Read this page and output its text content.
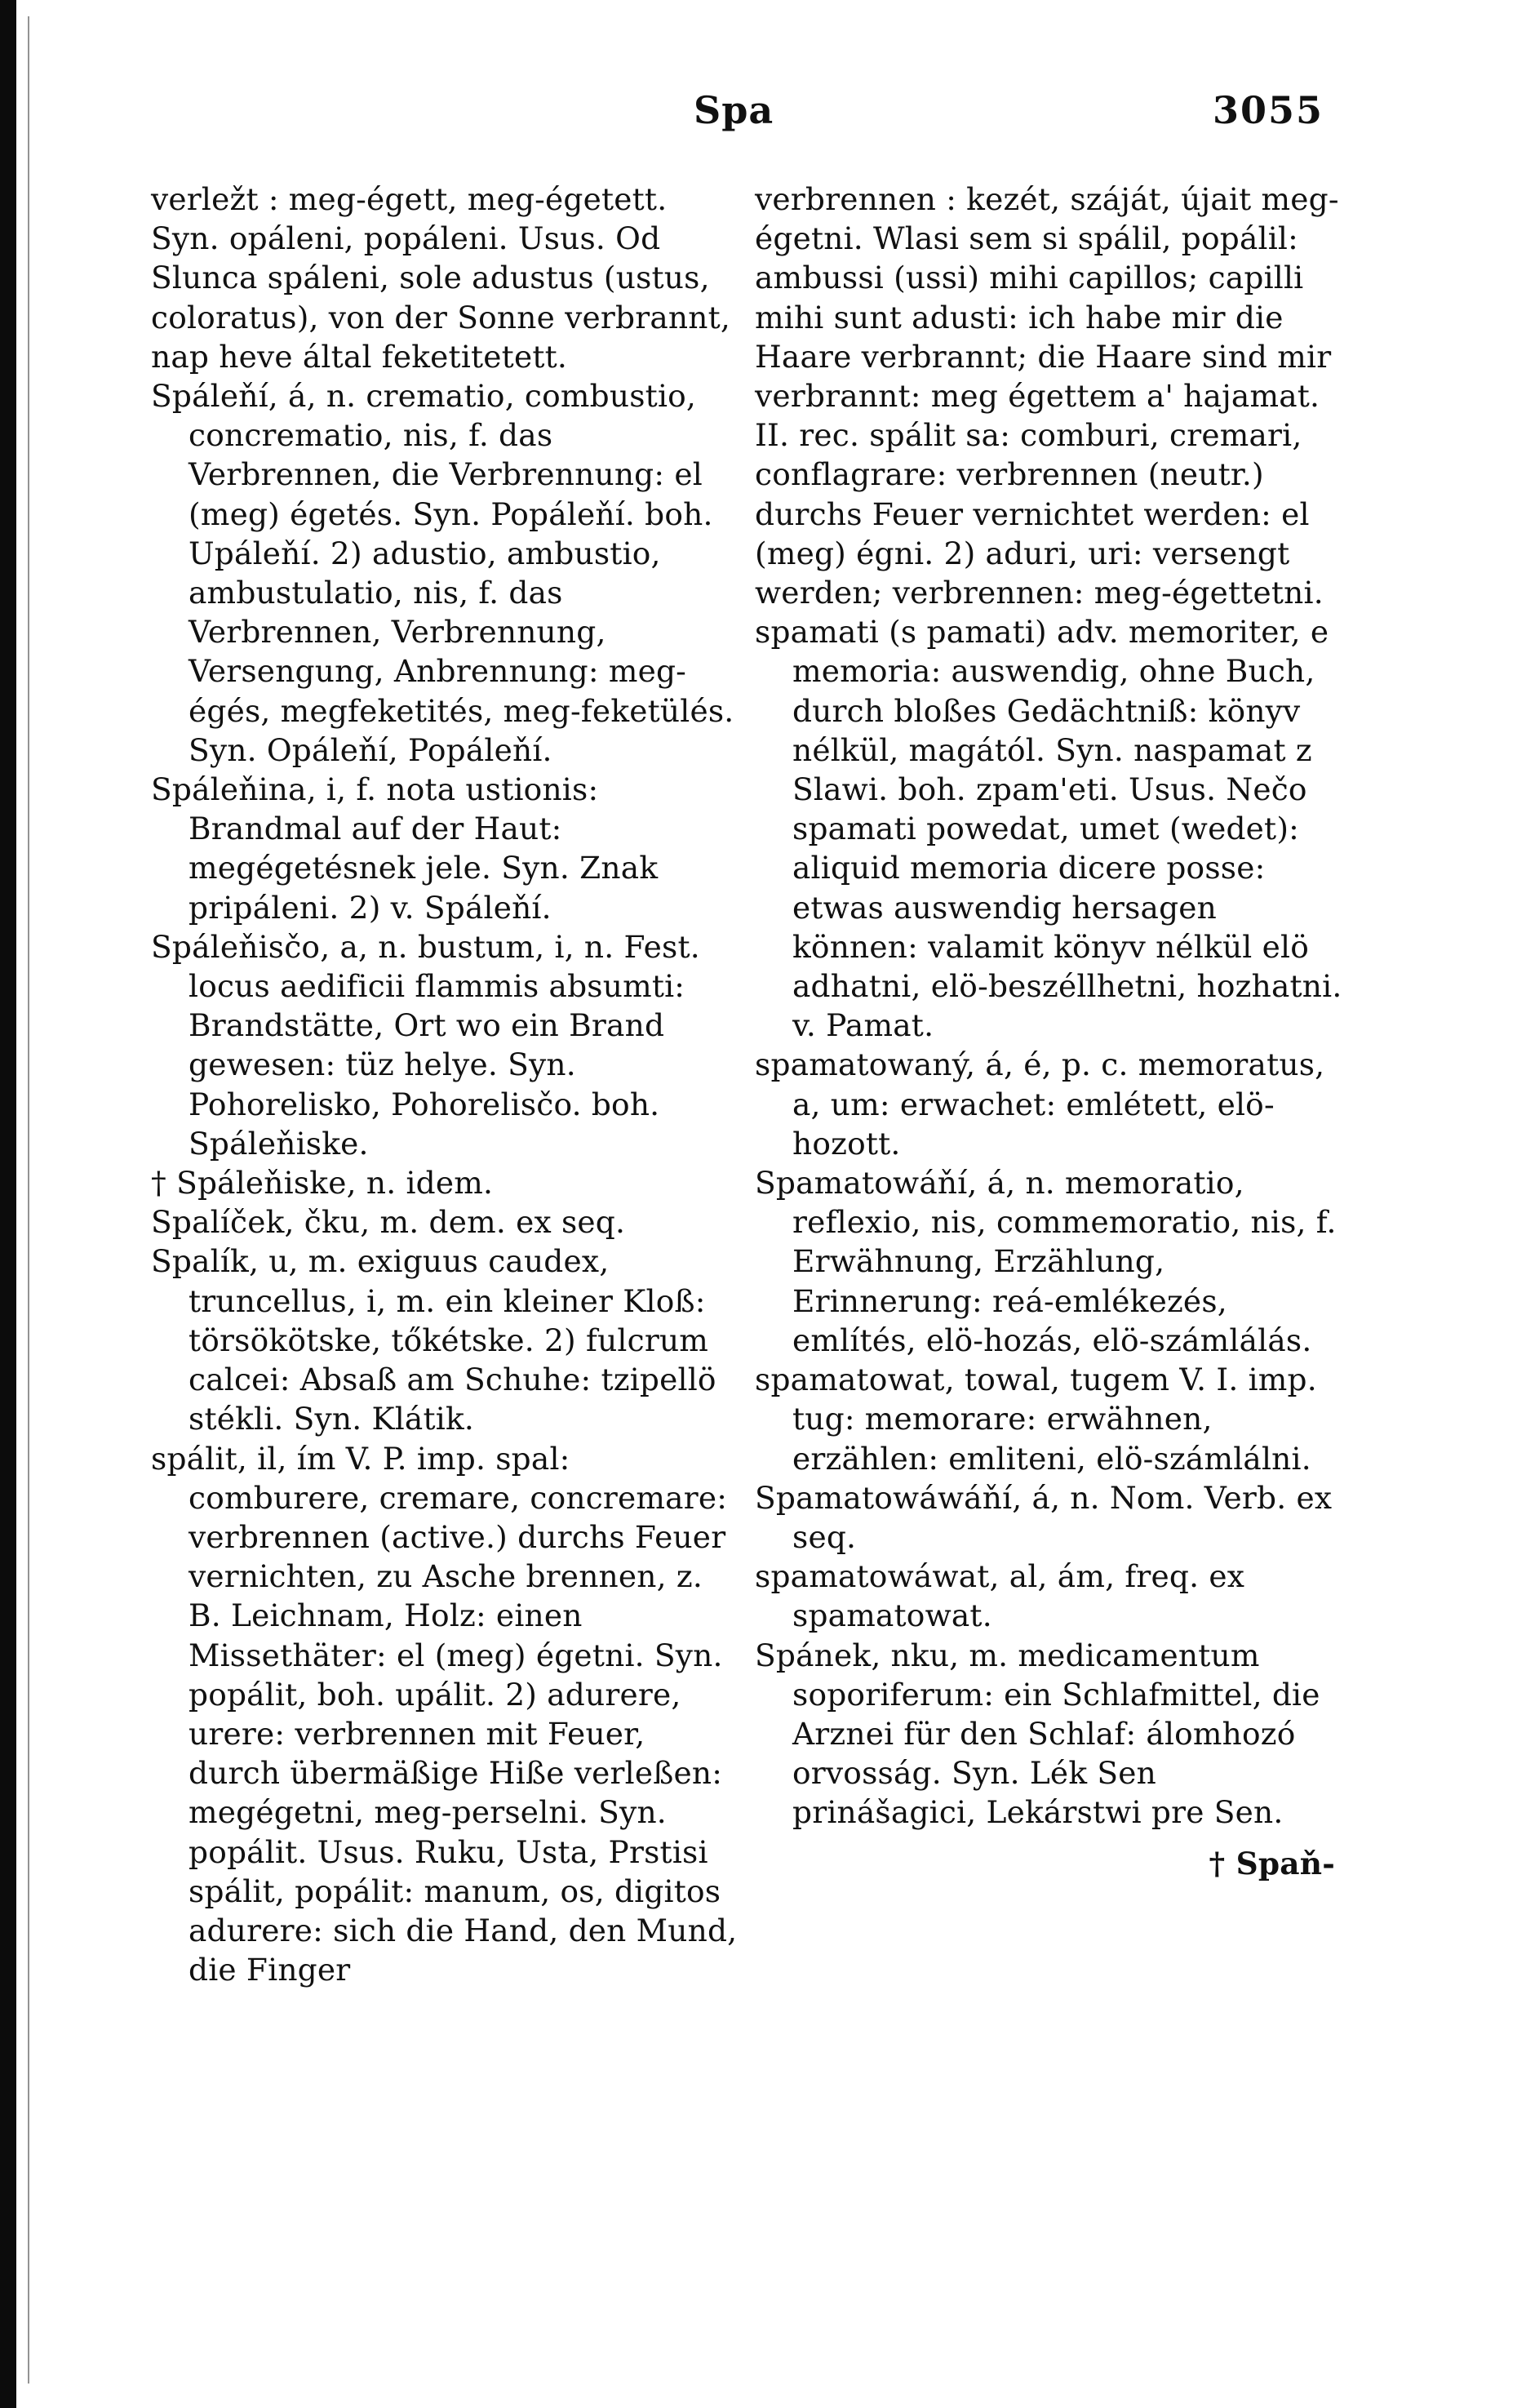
Spa	3055

verležt : meg-égett, meg-égetett. Syn. opáleni, popáleni. Usus. Od Slunca spáleni, sole adustus (ustus, coloratus), von der Sonne verbrannt, nap heve által feketitetett.

Spáleňí, á, n. crematio, combustio, concrematio, nis, f. das Verbrennen, die Verbrennung: el (meg) égetés. Syn. Popáleňí. boh. Upáleňí. 2) adustio, ambustio, ambustulatio, nis, f. das Verbrennen, Verbrennung, Versengung, Anbrennung: meg-égés, megfeketités, meg-feketülés. Syn. Opáleňí, Popáleňí.

Spáleňina, i, f. nota ustionis: Brandmal auf der Haut: megégetésnek jele. Syn. Znak pripáleni. 2) v. Spáleňí.

Spáleňisčo, a, n. bustum, i, n. Fest. locus aedificii flammis absumti: Brandstätte, Ort wo ein Brand gewesen: tüz helye. Syn. Pohorelisko, Pohorelisčo. boh. Spáleňiske.

† Spáleňiske, n. idem.

Spalíček, čku, m. dem. ex seq.

Spalík, u, m. exiguus caudex, truncellus, i, m. ein kleiner Kloß: törsökötske, tőkétske. 2) fulcrum calcei: Absaß am Schuhe: tzipellö stékli. Syn. Klátik.

spálit, il, ím V. P. imp. spal: comburere, cremare, concremare: verbrennen (active.) durchs Feuer vernichten, zu Asche brennen, z. B. Leichnam, Holz: einen Missethäter: el (meg) égetni. Syn. popálit, boh. upálit. 2) adurere, urere: verbrennen mit Feuer, durch übermäßige Hiße verleßen: megégetni, meg-perselni. Syn. popálit. Usus. Ruku, Usta, Prstisi spálit, popálit: manum, os, digitos adurere: sich die Hand, den Mund, die Finger

verbrennen : kezét, száját, újait meg-égetni. Wlasi sem si spálil, popálil: ambussi (ussi) mihi capillos; capilli mihi sunt adusti: ich habe mir die Haare verbrannt; die Haare sind mir verbrannt: meg égettem a' hajamat. II. rec. spálit sa: comburi, cremari, conflagrare: verbrennen (neutr.) durchs Feuer vernichtet werden: el (meg) égni. 2) aduri, uri: versengt werden; verbrennen: meg-égettetni.

spamati (s pamati) adv. memoriter, e memoria: auswendig, ohne Buch, durch bloßes Gedächtniß: könyv nélkül, magától. Syn. naspamat z Slawi. boh. zpam'eti. Usus. Nečo spamati powedat, umet (wedet): aliquid memoria dicere posse: etwas auswendig hersagen können: valamit könyv nélkül elö adhatni, elö-beszéllhetni, hozhatni. v. Pamat.

spamatowaný, á, é, p. c. memoratus, a, um: erwachet: emlétett, elö-hozott.

Spamatowáňí, á, n. memoratio, reflexio, nis, commemoratio, nis, f. Erwähnung, Erzählung, Erinnerung: reá-emlékezés, említés, elö-hozás, elö-számlálás.

spamatowat, towal, tugem V. I. imp. tug: memorare: erwähnen, erzählen: emliteni, elö-számlálni.

Spamatowáwáňí, á, n. Nom. Verb. ex seq.

spamatowáwat, al, ám, freq. ex spamatowat.

Spánek, nku, m. medicamentum soporiferum: ein Schlafmittel, die Arznei für den Schlaf: álomhozó orvosság. Syn. Lék Sen prinášagici, Lekárstwi pre Sen.

† Spaň-
